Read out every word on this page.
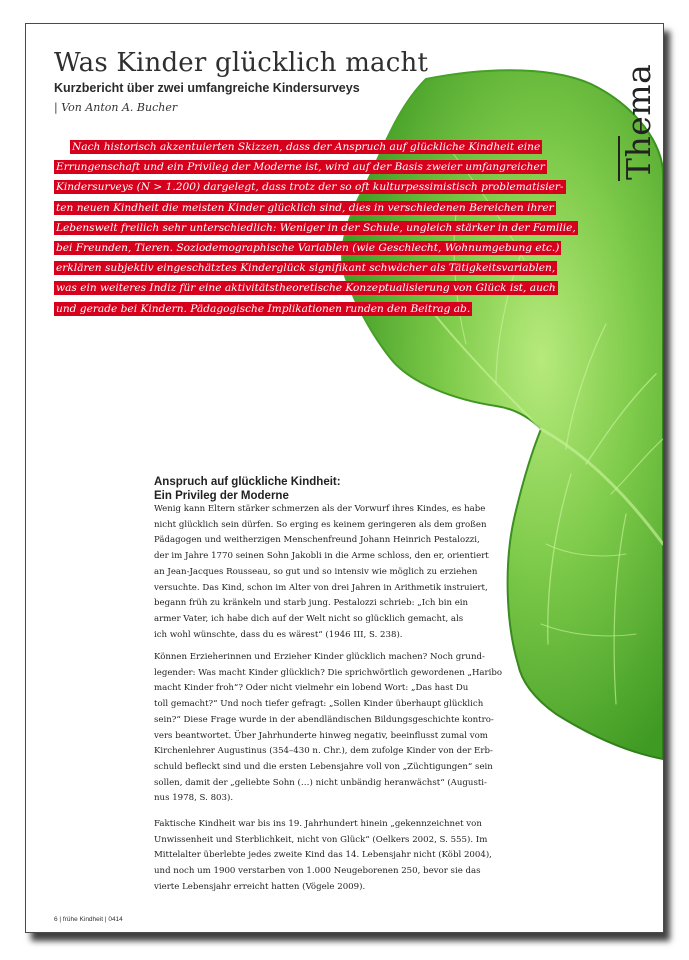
Was Kinder glücklich macht
Kurzbericht über zwei umfangreiche Kindersurveys
| Von Anton A. Bucher	Thema
Nach historisch akzentuierten Skizzen, dass der Anspruch auf glückliche Kindheit eine
Errungenschaft und ein Privileg der Moderne ist, wird auf der Basis zweier umfangreicher
Kindersurveys (N > 1.200) dargelegt, dass trotz der so oft kulturpessimistisch problematisier-
ten neuen Kindheit die meisten Kinder glücklich sind, dies in verschiedenen Bereichen ihrer
Lebenswelt freilich sehr unterschiedlich: Weniger in der Schule, ungleich stärker in der Familie,
bei Freunden, Tieren. Soziodemographische Variablen (wie Geschlecht, Wohnumgebung etc.)
erklären subjektiv eingeschätztes Kinderglück signifikant schwächer als Tätigkeitsvariablen,
was ein weiteres Indiz für eine aktivitätstheoretische Konzeptualisierung von Glück ist, auch
und gerade bei Kindern. Pädagogische Implikationen runden den Beitrag ab.
Anspruch auf glückliche Kindheit:
Ein Privileg der Moderne
Wenig kann Eltern stärker schmerzen als der Vorwurf ihres Kindes, es habe
nicht glücklich sein dürfen. So erging es keinem geringeren als dem großen
Pädagogen und weitherzigen Menschenfreund Johann Heinrich Pestalozzi,
der im Jahre 1770 seinen Sohn Jakobli in die Arme schloss, den er, orientiert
an Jean-Jacques Rousseau, so gut und so intensiv wie möglich zu erziehen
versuchte. Das Kind, schon im Alter von drei Jahren in Arithmetik instruiert,
begann früh zu kränkeln und starb jung. Pestalozzi schrieb: „Ich bin ein
armer Vater, ich habe dich auf der Welt nicht so glücklich gemacht, als
ich wohl wünschte, dass du es wärest“ (1946 III, S. 238).
Können Erzieherinnen und Erzieher Kinder glücklich machen? Noch grund-
legender: Was macht Kinder glücklich? Die sprichwörtlich gewordenen „Haribo
macht Kinder froh“? Oder nicht vielmehr ein lobend Wort: „Das hast Du
toll gemacht?“ Und noch tiefer gefragt: „Sollen Kinder überhaupt glücklich
sein?“ Diese Frage wurde in der abendländischen Bildungsgeschichte kontro-
vers beantwortet. Über Jahrhunderte hinweg negativ, beeinflusst zumal vom
Kirchenlehrer Augustinus (354–430 n. Chr.), dem zufolge Kinder von der Erb-
schuld befleckt sind und die ersten Lebensjahre voll von „Züchtigungen“ sein
sollen, damit der „geliebte Sohn (…) nicht unbändig heranwächst“ (Augusti-
nus 1978, S. 803).
Faktische Kindheit war bis ins 19. Jahrhundert hinein „gekennzeichnet von
Unwissenheit und Sterblichkeit, nicht von Glück“ (Oelkers 2002, S. 555). Im
Mittelalter überlebte jedes zweite Kind das 14. Lebensjahr nicht (Köbl 2004),
und noch um 1900 verstarben von 1.000 Neugeborenen 250, bevor sie das
vierte Lebensjahr erreicht hatten (Vögele 2009).
6 | frühe Kindheit | 0414
